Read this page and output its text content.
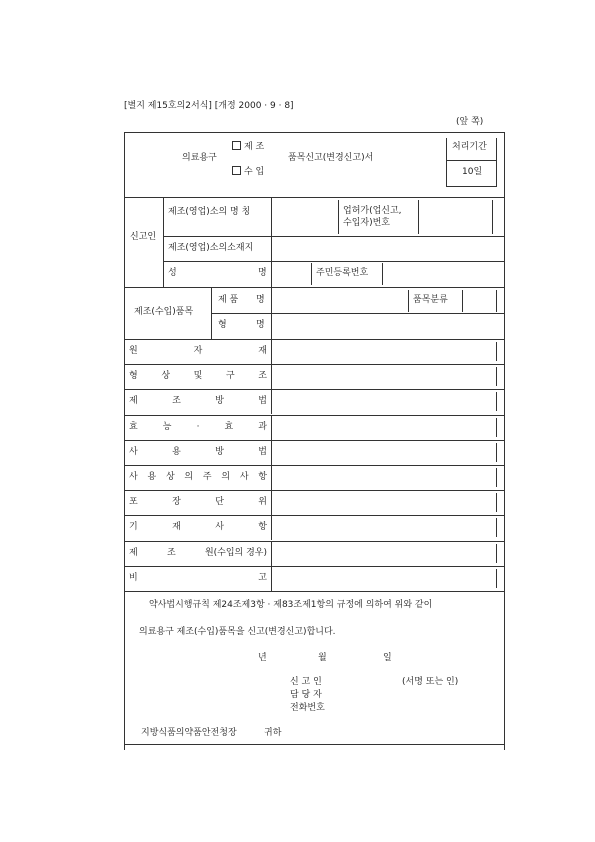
[별지 제15호의2서식] [개정 2000 · 9 · 8]
(앞 쪽)
의료용구
제 조
수 입
품목신고(변경신고)서
처리기간
10일
신고인
제조(영업)소의 명 칭	업허가(업신고,
수입자)번호
제조(영업)소의소재지
성	명	주민등록번호
제조(수입)품목
제 품 명	품목분류
형	명
원	자	재
형	상	및	구	조
제	조	방	법
효	능	·	효	과
사	용	방	법
사 용 상 의 주 의 사 항
포	장	단	위
기	재	사	항
제	조	원(수입의 경우)
비	고
약사법시행규칙 제24조제3항 · 제83조제1항의 규정에 의하여 위와 같이
의료용구 제조(수입)품목을 신고(변경신고)합니다.
년	월	일
신 고 인	(서명 또는 인)
담 당 자
전화번호
지방식품의약품안전청장	귀하
